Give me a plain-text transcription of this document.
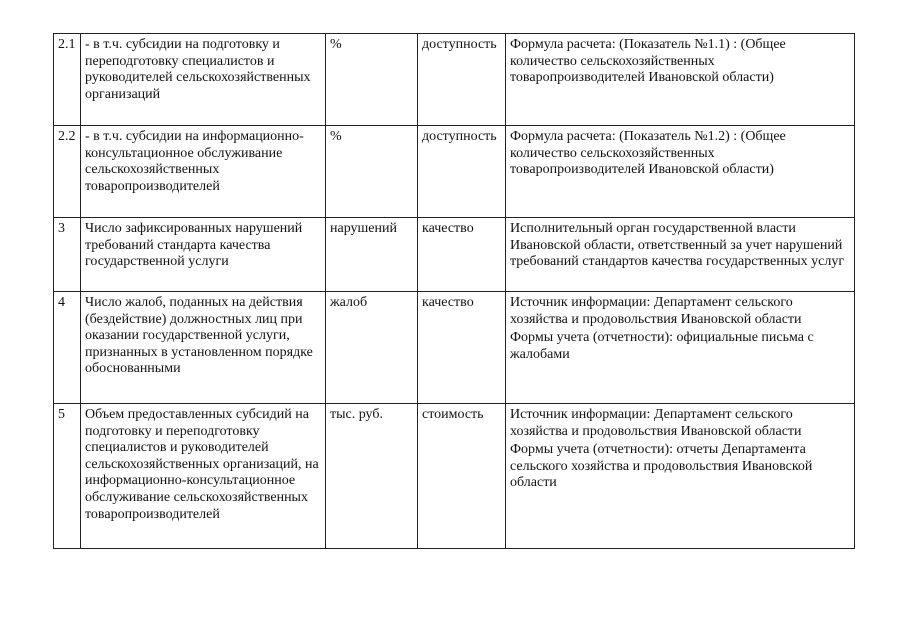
2.1	- в т.ч. субсидии на подготовку и переподготовку специалистов и руководителей сельскохозяйственных организаций	%	доступность	Формула расчета: (Показатель №1.1) : (Общее количество сельскохозяйственных товаропроизводителей Ивановской области)

2.2	- в т.ч. субсидии на информационно-консультационное обслуживание сельскохозяйственных товаропроизводителей	%	доступность	Формула расчета: (Показатель №1.2) : (Общее количество сельскохозяйственных товаропроизводителей Ивановской области)

3	Число зафиксированных нарушений требований стандарта качества государственной услуги	нарушений	качество	Исполнительный орган государственной власти Ивановской области, ответственный за учет нарушений требований стандартов качества государственных услуг

4	Число жалоб, поданных на действия (бездействие) должностных лиц при оказании государственной услуги, признанных в установленном порядке обоснованными	жалоб	качество	Источник информации: Департамент сельского хозяйства и продовольствия Ивановской области
Формы учета (отчетности): официальные письма с жалобами

5	Объем предоставленных субсидий на подготовку и переподготовку специалистов и руководителей сельскохозяйственных организаций, на информационно-консультационное обслуживание сельскохозяйственных товаропроизводителей	тыс. руб.	стоимость	Источник информации: Департамент сельского хозяйства и продовольствия Ивановской области
Формы учета (отчетности): отчеты Департамента сельского хозяйства и продовольствия Ивановской области
